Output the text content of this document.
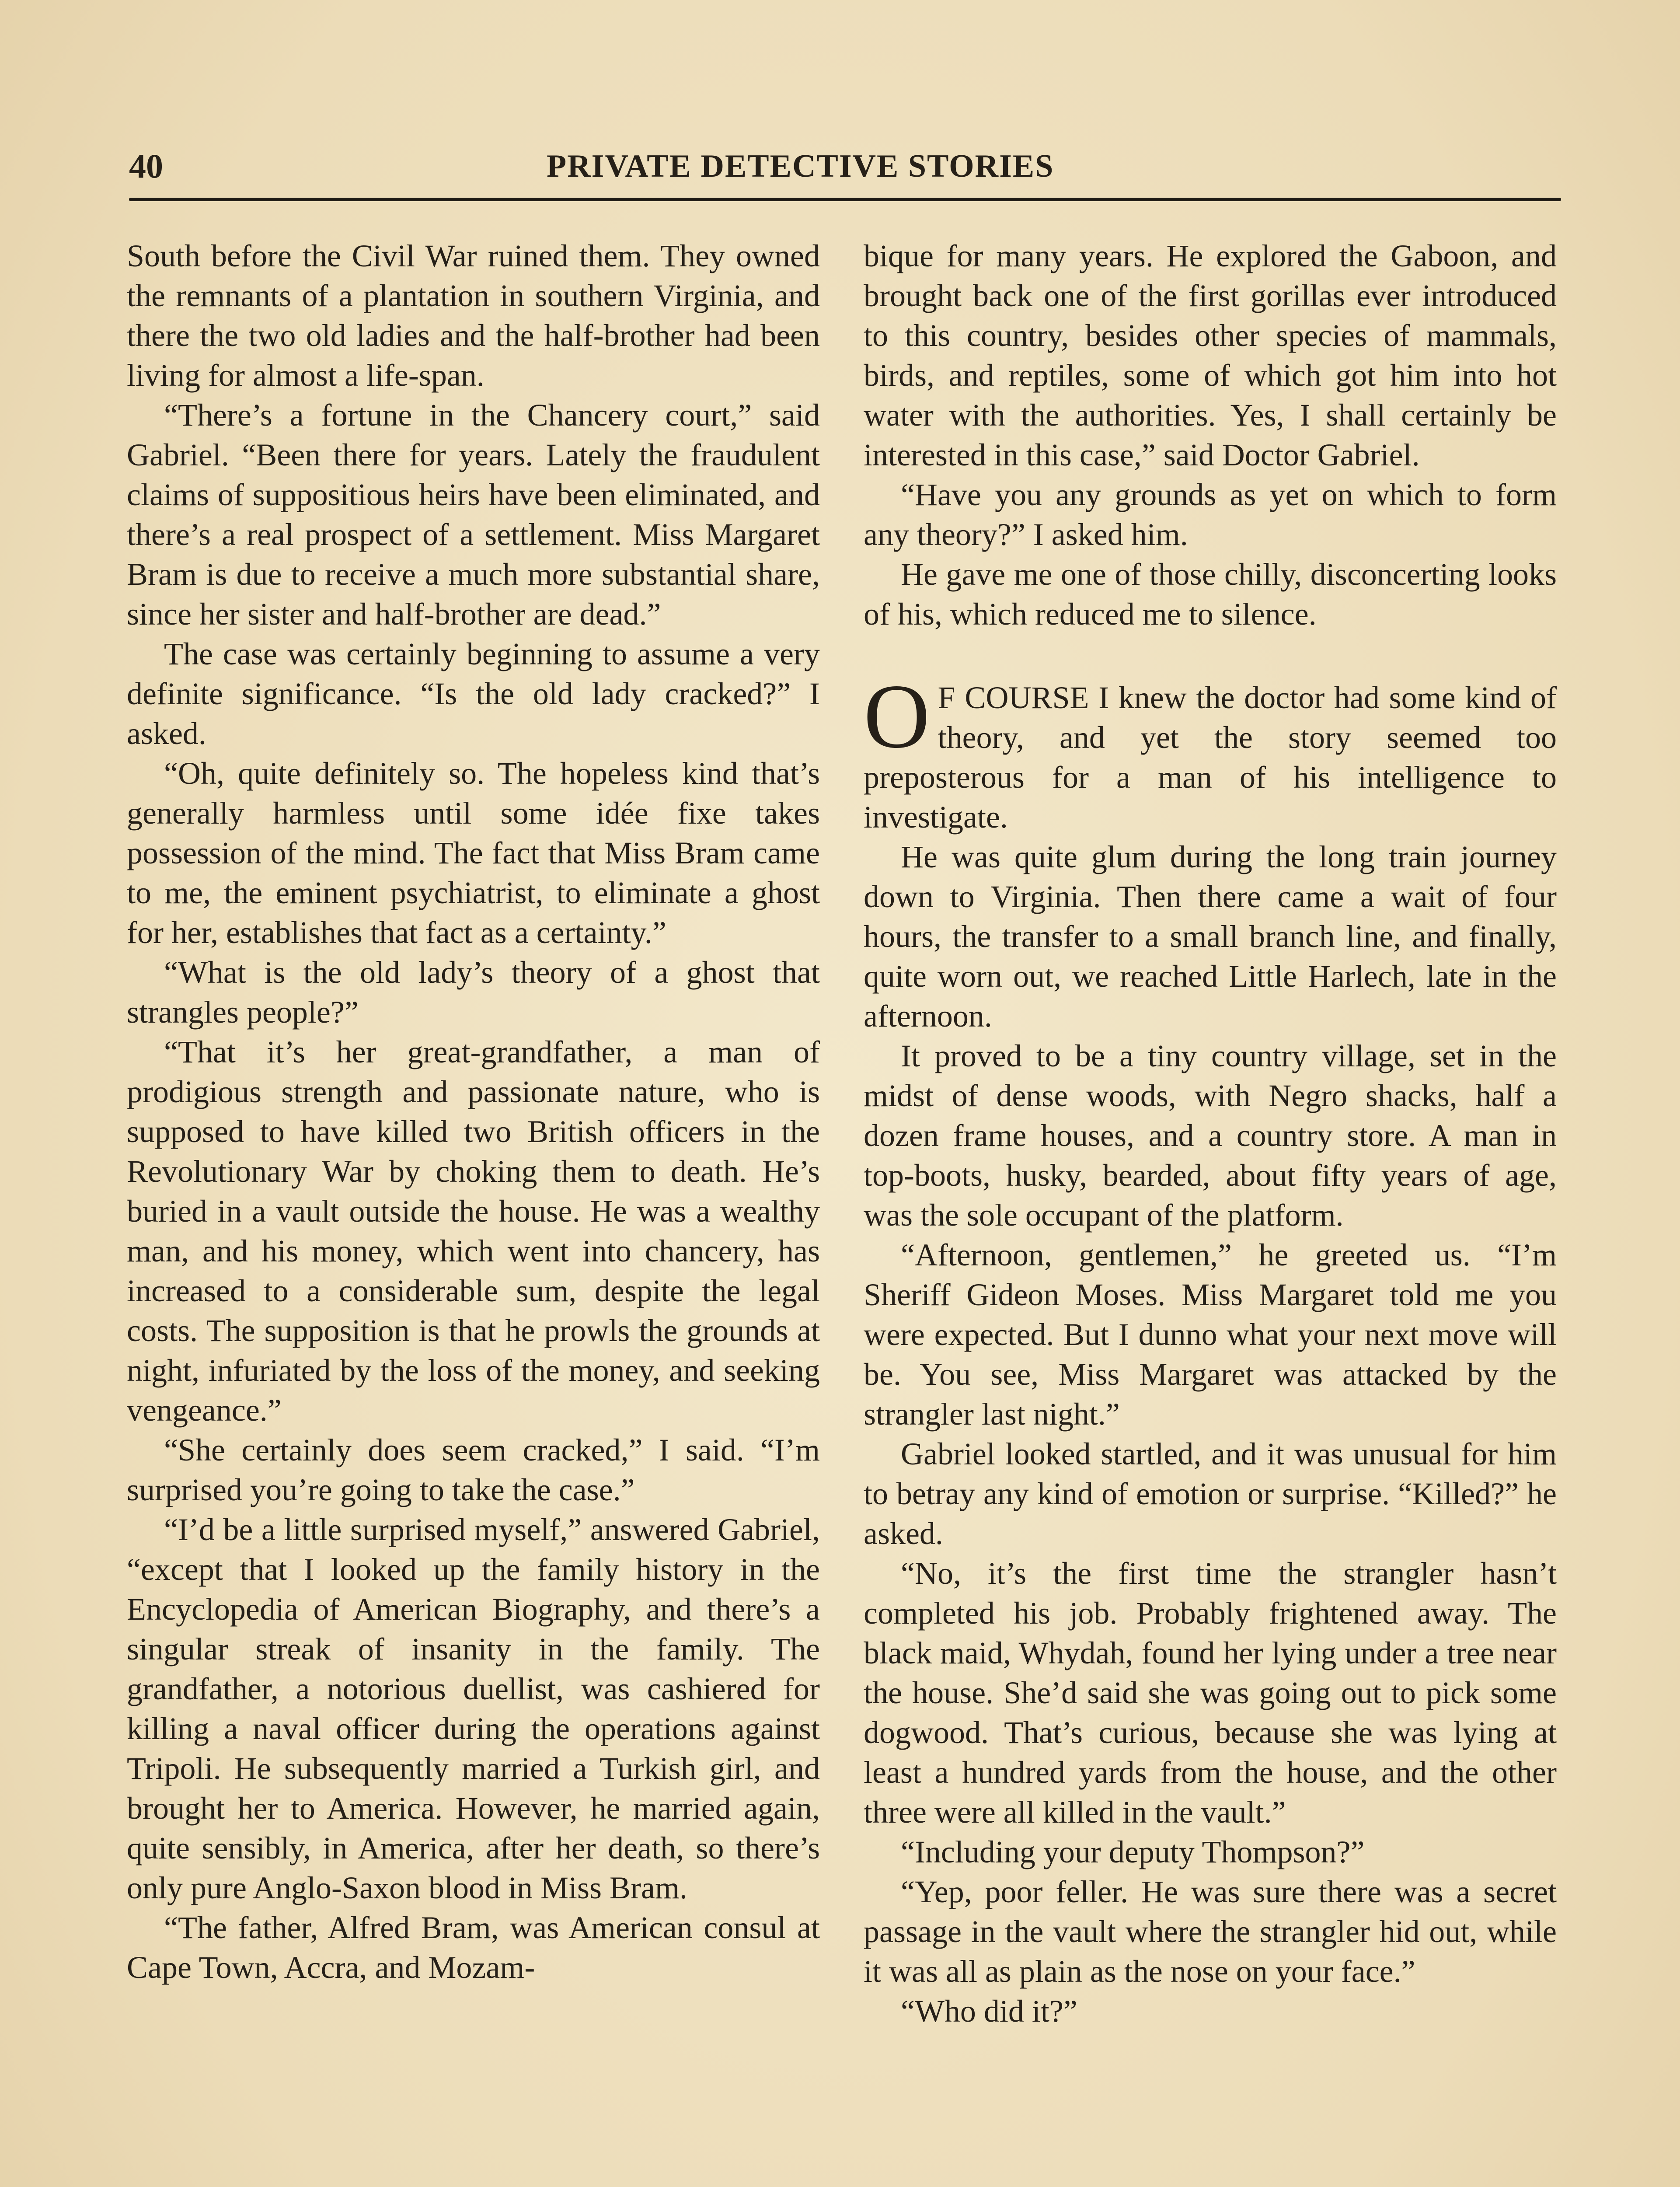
40	PRIVATE DETECTIVE STORIES

South before the Civil War ruined them. They owned the remnants of a plantation in southern Virginia, and there the two old ladies and the half-brother had been living for almost a life-span.

“There’s a fortune in the Chancery court,” said Gabriel. “Been there for years. Lately the fraudulent claims of suppositious heirs have been eliminated, and there’s a real prospect of a settlement. Miss Margaret Bram is due to receive a much more substantial share, since her sister and half-brother are dead.”

The case was certainly beginning to assume a very definite significance. “Is the old lady cracked?” I asked.

“Oh, quite definitely so. The hopeless kind that’s generally harmless until some idée fixe takes possession of the mind. The fact that Miss Bram came to me, the eminent psychiatrist, to eliminate a ghost for her, establishes that fact as a certainty.”

“What is the old lady’s theory of a ghost that strangles people?”

“That it’s her great-grandfather, a man of prodigious strength and passionate nature, who is supposed to have killed two British officers in the Revolutionary War by choking them to death. He’s buried in a vault outside the house. He was a wealthy man, and his money, which went into chancery, has increased to a considerable sum, despite the legal costs. The supposition is that he prowls the grounds at night, infuriated by the loss of the money, and seeking vengeance.”

“She certainly does seem cracked,” I said. “I’m surprised you’re going to take the case.”

“I’d be a little surprised myself,” answered Gabriel, “except that I looked up the family history in the Encyclopedia of American Biography, and there’s a singular streak of insanity in the family. The grandfather, a notorious duellist, was cashiered for killing a naval officer during the operations against Tripoli. He subsequently married a Turkish girl, and brought her to America. However, he married again, quite sensibly, in America, after her death, so there’s only pure Anglo-Saxon blood in Miss Bram.

“The father, Alfred Bram, was American consul at Cape Town, Accra, and Mozam-

bique for many years. He explored the Gaboon, and brought back one of the first gorillas ever introduced to this country, besides other species of mammals, birds, and reptiles, some of which got him into hot water with the authorities. Yes, I shall certainly be interested in this case,” said Doctor Gabriel.

“Have you any grounds as yet on which to form any theory?” I asked him.

He gave me one of those chilly, disconcerting looks of his, which reduced me to silence.

O F COURSE I knew the doctor had some kind of theory, and yet the story seemed too preposterous for a man of his intelligence to investigate.

He was quite glum during the long train journey down to Virginia. Then there came a wait of four hours, the transfer to a small branch line, and finally, quite worn out, we reached Little Harlech, late in the afternoon.

It proved to be a tiny country village, set in the midst of dense woods, with Negro shacks, half a dozen frame houses, and a country store. A man in top-boots, husky, bearded, about fifty years of age, was the sole occupant of the platform.

“Afternoon, gentlemen,” he greeted us. “I’m Sheriff Gideon Moses. Miss Margaret told me you were expected. But I dunno what your next move will be. You see, Miss Margaret was attacked by the strangler last night.”

Gabriel looked startled, and it was unusual for him to betray any kind of emotion or surprise. “Killed?” he asked.

“No, it’s the first time the strangler hasn’t completed his job. Probably frightened away. The black maid, Whydah, found her lying under a tree near the house. She’d said she was going out to pick some dogwood. That’s curious, because she was lying at least a hundred yards from the house, and the other three were all killed in the vault.”

“Including your deputy Thompson?”

“Yep, poor feller. He was sure there was a secret passage in the vault where the strangler hid out, while it was all as plain as the nose on your face.”

“Who did it?”
